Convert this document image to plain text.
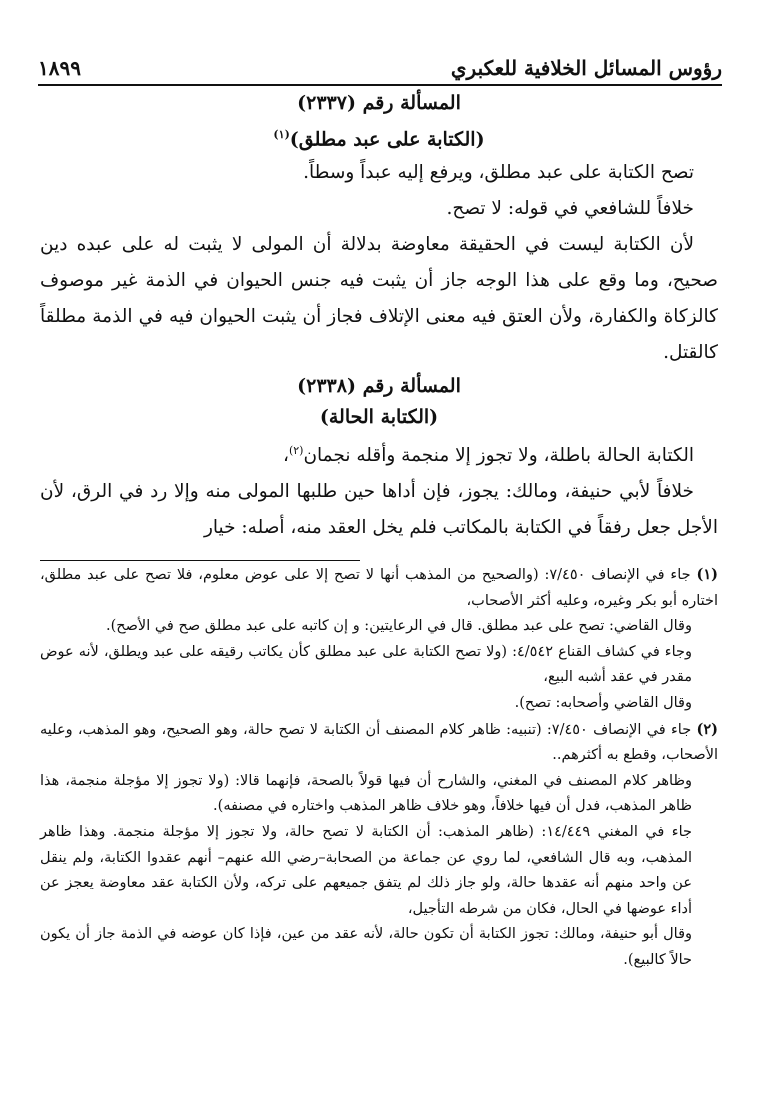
رؤوس المسائل الخلافية للعكبري
١٨٩٩
المسألة رقم (٢٣٣٧)
(الكتابة على عبد مطلق)$^{(١)}$

تصح الكتابة على عبد مطلق، ويرفع إليه عبداً وسطاً.

خلافاً للشافعي في قوله: لا تصح.

لأن الكتابة ليست في الحقيقة معاوضة بدلالة أن المولى لا يثبت له على عبده دين صحيح، وما وقع على هذا الوجه جاز أن يثبت فيه جنس الحيوان في الذمة غير موصوف كالزكاة والكفارة، ولأن العتق فيه معنى الإتلاف فجاز أن يثبت الحيوان فيه في الذمة مطلقاً كالقتل.

المسألة رقم (٢٣٣٨)
(الكتابة الحالة)

الكتابة الحالة باطلة، ولا تجوز إلا منجمة وأقله نجمان$^{(٢)}$،

خلافاً لأبي حنيفة، ومالك: يجوز، فإن أداها حين طلبها المولى منه وإلا رد في الرق، لأن الأجل جعل رفقاً في الكتابة بالمكاتب فلم يخل العقد منه، أصله: خيار

(١) جاء في الإنصاف ٧/٤٥٠: (والصحيح من المذهب أنها لا تصح إلا على عوض معلوم، فلا تصح على عبد مطلق، اختاره أبو بكر وغيره، وعليه أكثر الأصحاب،

وقال القاضي: تصح على عبد مطلق. قال في الرعايتين: و إن كاتبه على عبد مطلق صح في الأصح).

وجاء في كشاف القناع ٤/٥٤٢: (ولا تصح الكتابة على عبد مطلق كأن يكاتب رقيقه على عبد ويطلق، لأنه عوض مقدر في عقد أشبه البيع،

وقال القاضي وأصحابه: تصح).

(٢) جاء في الإنصاف ٧/٤٥٠: (تنبيه: ظاهر كلام المصنف أن الكتابة لا تصح حالة، وهو الصحيح، وهو المذهب، وعليه الأصحاب، وقطع به أكثرهم..

وظاهر كلام المصنف في المغني، والشارح أن فيها قولاً بالصحة، فإنهما قالا: (ولا تجوز إلا مؤجلة منجمة، هذا ظاهر المذهب، فدل أن فيها خلافاً، وهو خلاف ظاهر المذهب واختاره في مصنفه).

جاء في المغني ١٤/٤٤٩: (ظاهر المذهب: أن الكتابة لا تصح حالة، ولا تجوز إلا مؤجلة منجمة. وهذا ظاهر المذهب، وبه قال الشافعي، لما روي عن جماعة من الصحابة–رضي الله عنهم– أنهم عقدوا الكتابة، ولم ينقل عن واحد منهم أنه عقدها حالة، ولو جاز ذلك لم يتفق جميعهم على تركه، ولأن الكتابة عقد معاوضة يعجز عن أداء عوضها في الحال، فكان من شرطه التأجيل،

وقال أبو حنيفة، ومالك: تجوز الكتابة أن تكون حالة، لأنه عقد من عين، فإذا كان عوضه في الذمة جاز أن يكون حالاً كالبيع).
